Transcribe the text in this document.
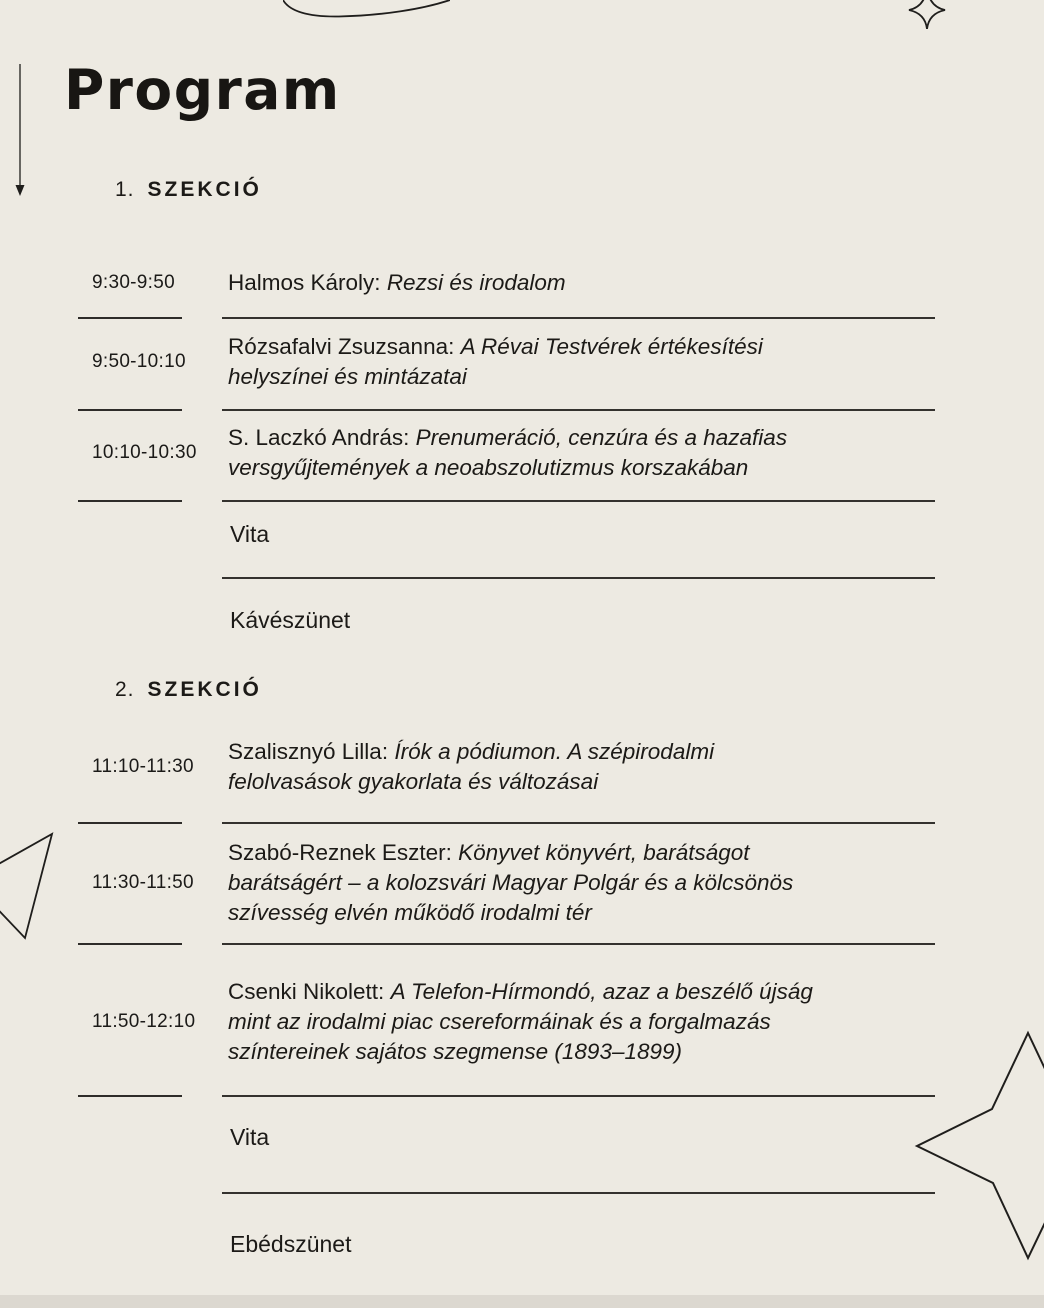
Program
1. SZEKCIÓ
9:30-9:50	Halmos Károly: Rezsi és irodalom

9:50-10:10

Rózsafalvi Zsuzsanna: A Révai Testvérek értékesítési helyszínei és mintázatai

10:10-10:30

S. Laczkó András: Prenumeráció, cenzúra és a hazafias versgyűjtemények a neoabszolutizmus korszakában

Vita

Kávészünet

2. SZEKCIÓ
11:10-11:30

Szalisznyó Lilla: Írók a pódiumon. A szépirodalmi felolvasások gyakorlata és változásai

11:30-11:50

Szabó-Reznek Eszter: Könyvet könyvért, barátságot barátságért – a kolozsvári Magyar Polgár és a kölcsönös szívesség elvén működő irodalmi tér

11:50-12:10

Csenki Nikolett: A Telefon-Hírmondó, azaz a beszélő újság mint az irodalmi piac csereformáinak és a forgalmazás színtereinek sajátos szegmense (1893–1899)

Vita

Ebédszünet
